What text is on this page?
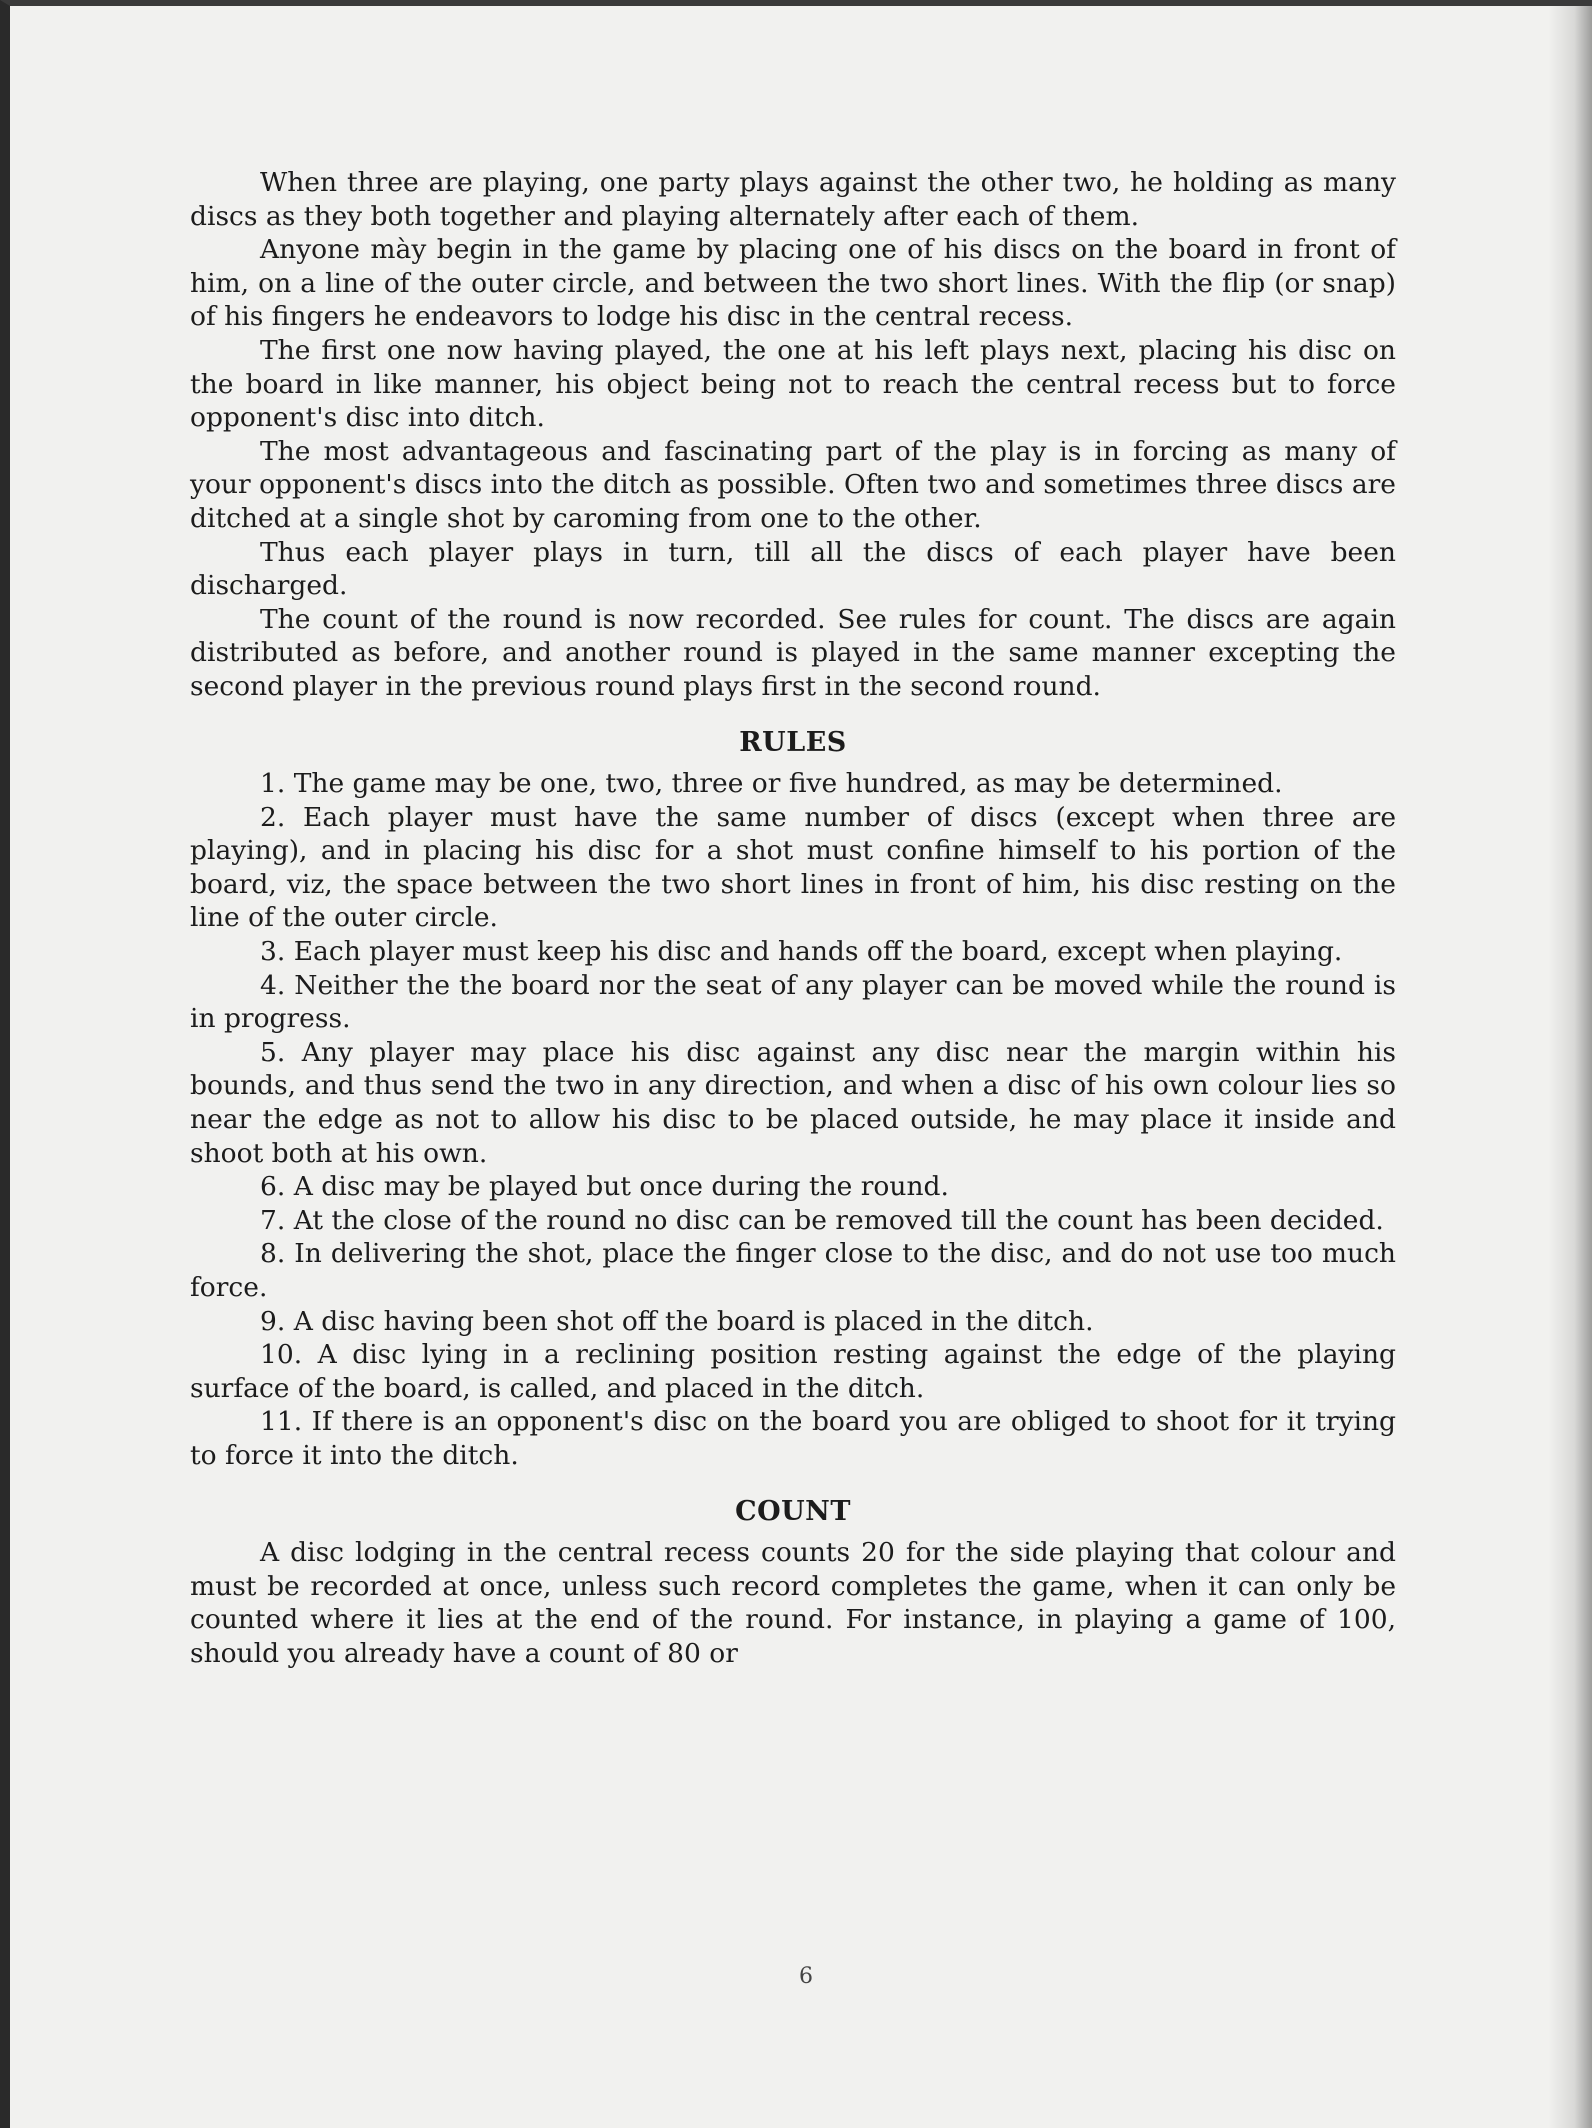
When three are playing, one party plays against the other two, he holding as many discs as they both together and playing alternately after each of them.

Anyone mày begin in the game by placing one of his discs on the board in front of him, on a line of the outer circle, and between the two short lines. With the flip (or snap) of his fingers he endeavors to lodge his disc in the central recess.

The first one now having played, the one at his left plays next, placing his disc on the board in like manner, his object being not to reach the central recess but to force opponent's disc into ditch.

The most advantageous and fascinating part of the play is in forcing as many of your opponent's discs into the ditch as possible. Often two and sometimes three discs are ditched at a single shot by caroming from one to the other.

Thus each player plays in turn, till all the discs of each player have been discharged.

The count of the round is now recorded. See rules for count. The discs are again distributed as before, and another round is played in the same manner excepting the second player in the previous round plays first in the second round.

RULES

1. The game may be one, two, three or five hundred, as may be determined.

2. Each player must have the same number of discs (except when three are playing), and in placing his disc for a shot must confine himself to his portion of the board, viz, the space between the two short lines in front of him, his disc resting on the line of the outer circle.

3. Each player must keep his disc and hands off the board, except when playing.

4. Neither the the board nor the seat of any player can be moved while the round is in progress.

5. Any player may place his disc against any disc near the margin within his bounds, and thus send the two in any direction, and when a disc of his own colour lies so near the edge as not to allow his disc to be placed outside, he may place it inside and shoot both at his own.

6. A disc may be played but once during the round.

7. At the close of the round no disc can be removed till the count has been decided.

8. In delivering the shot, place the finger close to the disc, and do not use too much force.

9. A disc having been shot off the board is placed in the ditch.

10. A disc lying in a reclining position resting against the edge of the playing surface of the board, is called, and placed in the ditch.

11. If there is an opponent's disc on the board you are obliged to shoot for it trying to force it into the ditch.

COUNT

A disc lodging in the central recess counts 20 for the side playing that colour and must be recorded at once, unless such record completes the game, when it can only be counted where it lies at the end of the round. For instance, in playing a game of 100, should you already have a count of 80 or

6
